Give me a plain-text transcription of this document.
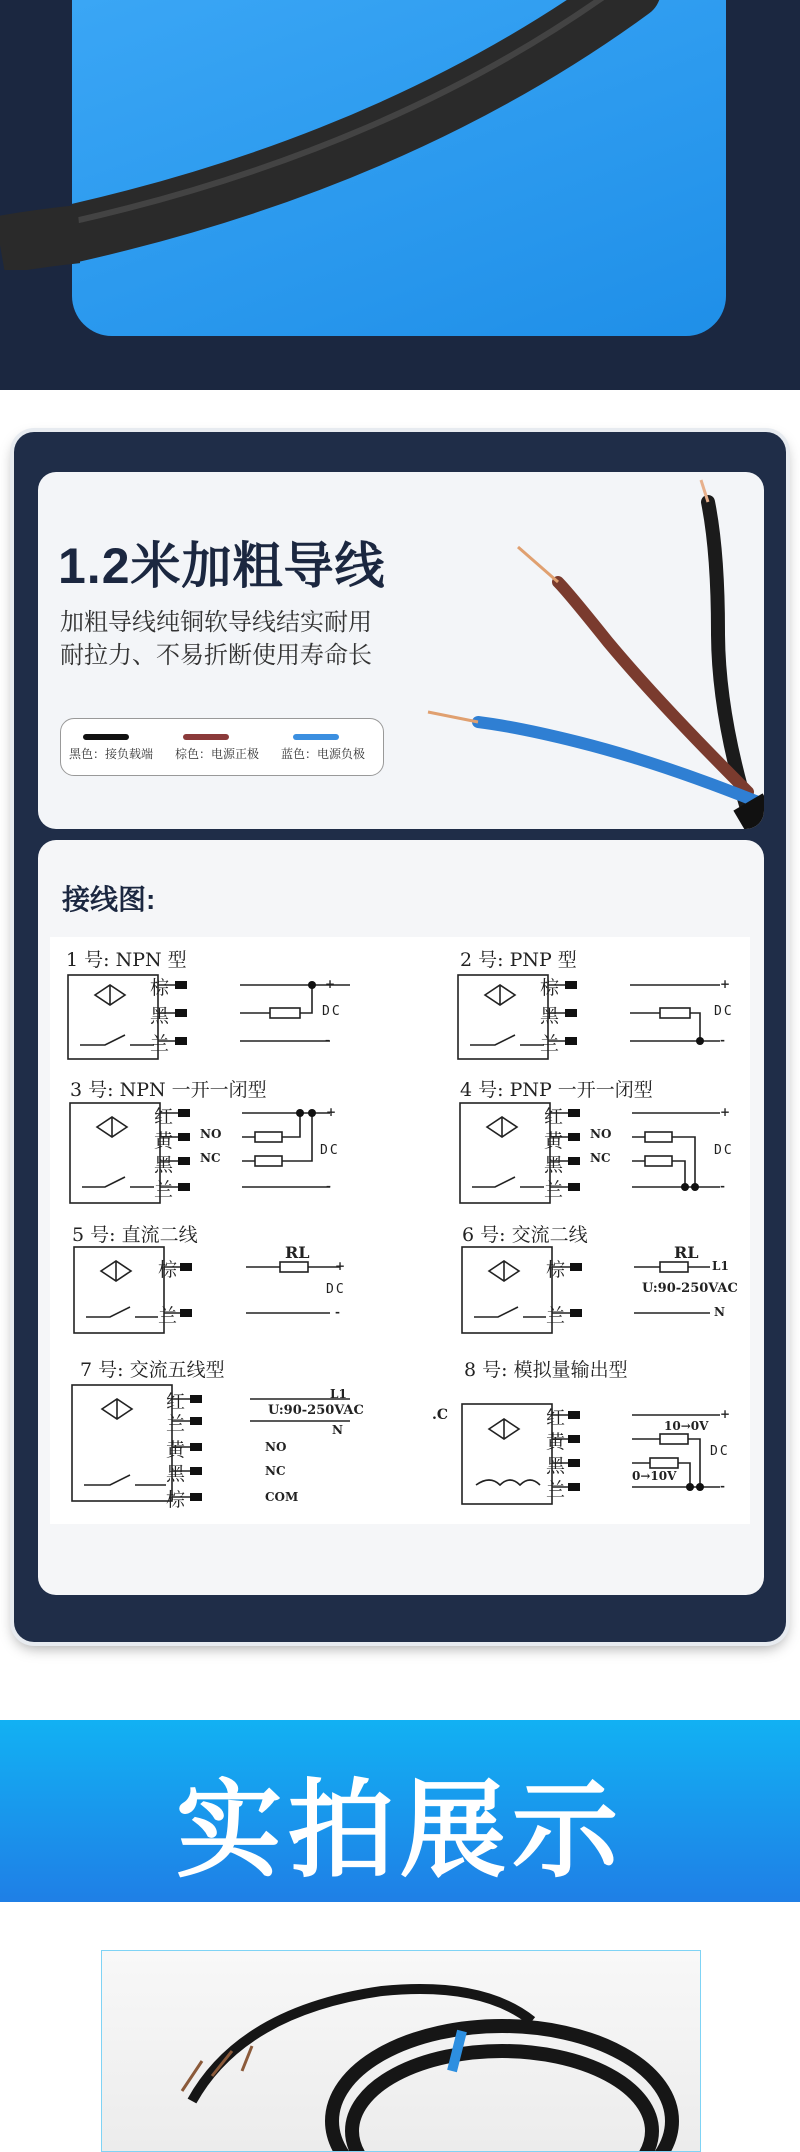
1.2米加粗导线
加粗导线纯铜软导线结实耐用
耐拉力、不易折断使用寿命长
黑色：接负载端 棕色：电源正极 蓝色：电源负极
接线图:
1 号: NPN 型	2 号: PNP 型
3 号: NPN 一开一闭型	4 号: PNP 一开一闭型
5 号: 直流二线	6 号: 交流二线
7 号: 交流五线型	8 号: 模拟量输出型
棕
黑
兰
棕
黑
兰
红
黄
黑
兰
红
黄
黑
兰
棕
兰
棕
兰
红
兰
黄
黑
棕
红
黄
黑
兰
+
DC
-
+
DC
-
NO
NC
+
DC
-
NO
NC
+
DC
-
RL
+
DC
-
RL
L1
U:90-250VAC
N
L1
U:90-250VAC
N
NO
NC
COM
.C	+
10→0V
DC
0→10V
-
实拍展示
